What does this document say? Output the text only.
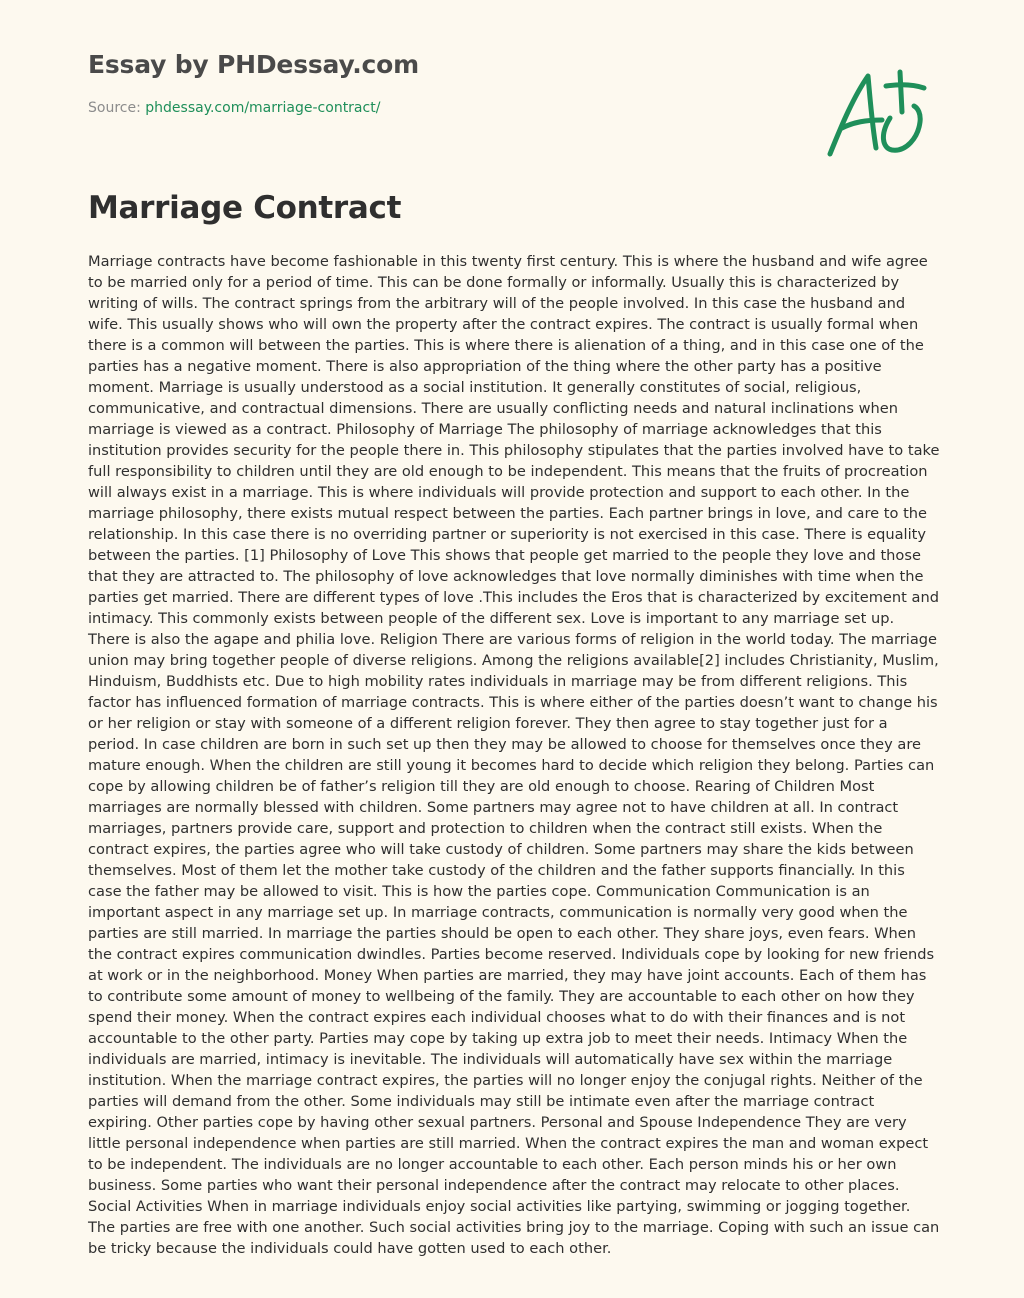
Essay by PHDessay.com
Source: phdessay.com/marriage-contract/
Marriage Contract

Marriage contracts have become fashionable in this twenty first century. This is where the husband and wife agree to be married only for a period of time. This can be done formally or informally. Usually this is characterized by writing of wills. The contract springs from the arbitrary will of the people involved. In this case the husband and wife. This usually shows who will own the property after the contract expires. The contract is usually formal when there is a common will between the parties. This is where there is alienation of a thing, and in this case one of the parties has a negative moment. There is also appropriation of the thing where the other party has a positive moment. Marriage is usually understood as a social institution. It generally constitutes of social, religious, communicative, and contractual dimensions. There are usually conflicting needs and natural inclinations when marriage is viewed as a contract. Philosophy of Marriage The philosophy of marriage acknowledges that this institution provides security for the people there in. This philosophy stipulates that the parties involved have to take full responsibility to children until they are old enough to be independent. This means that the fruits of procreation will always exist in a marriage. This is where individuals will provide protection and support to each other. In the marriage philosophy, there exists mutual respect between the parties. Each partner brings in love, and care to the relationship. In this case there is no overriding partner or superiority is not exercised in this case. There is equality between the parties. [1] Philosophy of Love This shows that people get married to the people they love and those that they are attracted to. The philosophy of love acknowledges that love normally diminishes with time when the parties get married. There are different types of love .This includes the Eros that is characterized by excitement and intimacy. This commonly exists between people of the different sex. Love is important to any marriage set up. There is also the agape and philia love. Religion There are various forms of religion in the world today. The marriage union may bring together people of diverse religions. Among the religions available[2] includes Christianity, Muslim, Hinduism, Buddhists etc. Due to high mobility rates individuals in marriage may be from different religions. This factor has influenced formation of marriage contracts. This is where either of the parties doesn’t want to change his or her religion or stay with someone of a different religion forever. They then agree to stay together just for a period. In case children are born in such set up then they may be allowed to choose for themselves once they are mature enough. When the children are still young it becomes hard to decide which religion they belong. Parties can cope by allowing children be of father’s religion till they are old enough to choose. Rearing of Children Most marriages are normally blessed with children. Some partners may agree not to have children at all. In contract marriages, partners provide care, support and protection to children when the contract still exists. When the contract expires, the parties agree who will take custody of children. Some partners may share the kids between themselves. Most of them let the mother take custody of the children and the father supports financially. In this case the father may be allowed to visit. This is how the parties cope. Communication Communication is an important aspect in any marriage set up. In marriage contracts, communication is normally very good when the parties are still married. In marriage the parties should be open to each other. They share joys, even fears. When the contract expires communication dwindles. Parties become reserved. Individuals cope by looking for new friends at work or in the neighborhood. Money When parties are married, they may have joint accounts. Each of them has to contribute some amount of money to wellbeing of the family. They are accountable to each other on how they spend their money. When the contract expires each individual chooses what to do with their finances and is not accountable to the other party. Parties may cope by taking up extra job to meet their needs. Intimacy When the individuals are married, intimacy is inevitable. The individuals will automatically have sex within the marriage institution. When the marriage contract expires, the parties will no longer enjoy the conjugal rights. Neither of the parties will demand from the other. Some individuals may still be intimate even after the marriage contract expiring. Other parties cope by having other sexual partners. Personal and Spouse Independence They are very little personal independence when parties are still married. When the contract expires the man and woman expect to be independent. The individuals are no longer accountable to each other. Each person minds his or her own business. Some parties who want their personal independence after the contract may relocate to other places. Social Activities When in marriage individuals enjoy social activities like partying, swimming or jogging together. The parties are free with one another. Such social activities bring joy to the marriage. Coping with such an issue can be tricky because the individuals could have gotten used to each other.
